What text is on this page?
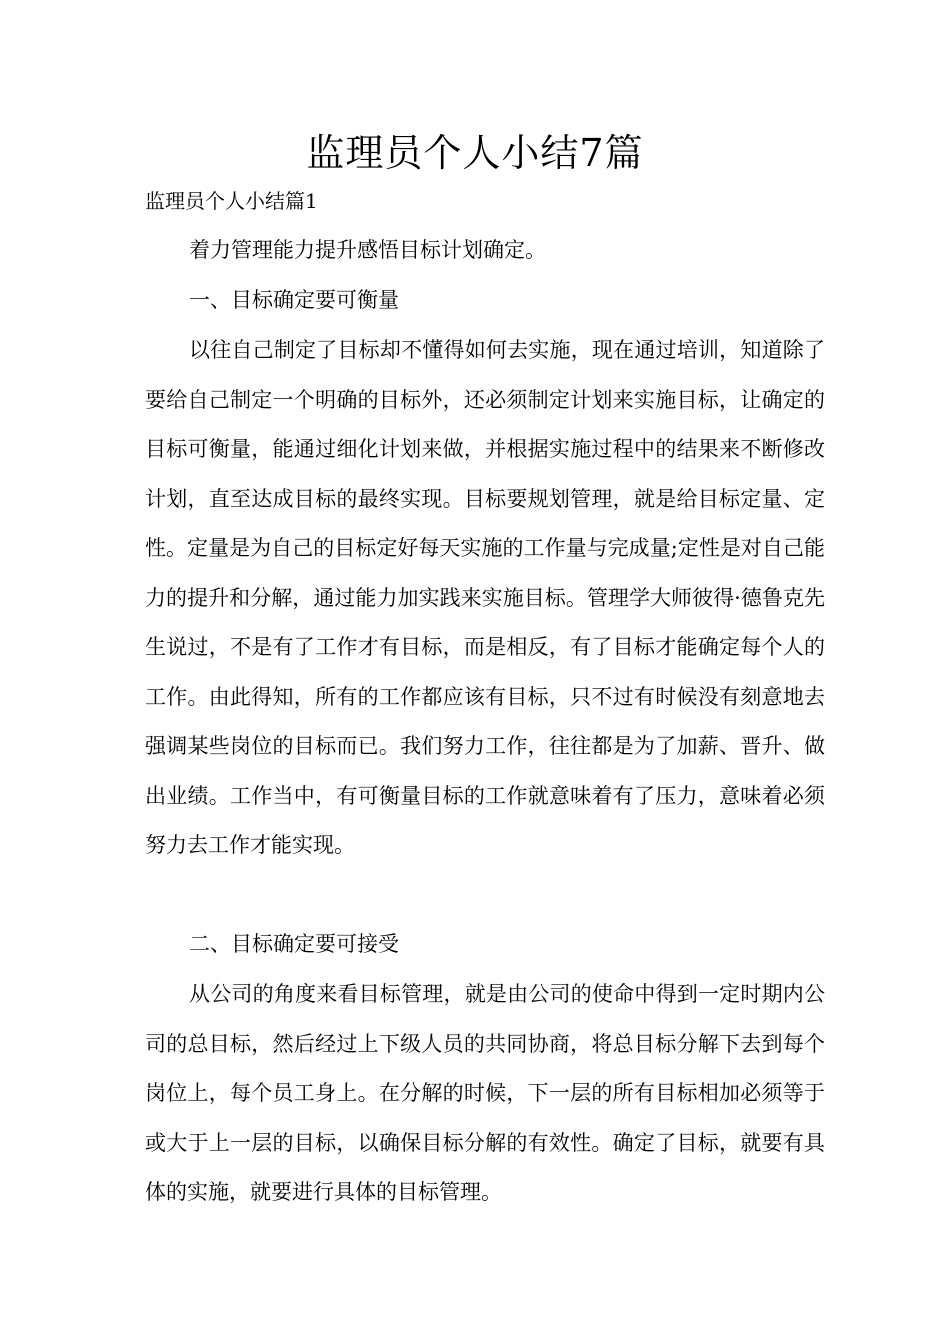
监理员个人小结7篇

监理员个人小结篇1

着力管理能力提升感悟目标计划确定。

一、目标确定要可衡量

以往自己制定了目标却不懂得如何去实施，现在通过培训，知道除了要给自己制定一个明确的目标外，还必须制定计划来实施目标，让确定的目标可衡量，能通过细化计划来做，并根据实施过程中的结果来不断修改计划，直至达成目标的最终实现。目标要规划管理，就是给目标定量、定性。定量是为自己的目标定好每天实施的工作量与完成量;定性是对自己能力的提升和分解，通过能力加实践来实施目标。管理学大师彼得·德鲁克先生说过，不是有了工作才有目标，而是相反，有了目标才能确定每个人的工作。由此得知，所有的工作都应该有目标，只不过有时候没有刻意地去强调某些岗位的目标而已。我们努力工作，往往都是为了加薪、晋升、做出业绩。工作当中，有可衡量目标的工作就意味着有了压力，意味着必须努力去工作才能实现。

二、目标确定要可接受

从公司的角度来看目标管理，就是由公司的使命中得到一定时期内公司的总目标，然后经过上下级人员的共同协商，将总目标分解下去到每个岗位上，每个员工身上。在分解的时候，下一层的所有目标相加必须等于或大于上一层的目标，以确保目标分解的有效性。确定了目标，就要有具体的实施，就要进行具体的目标管理。
